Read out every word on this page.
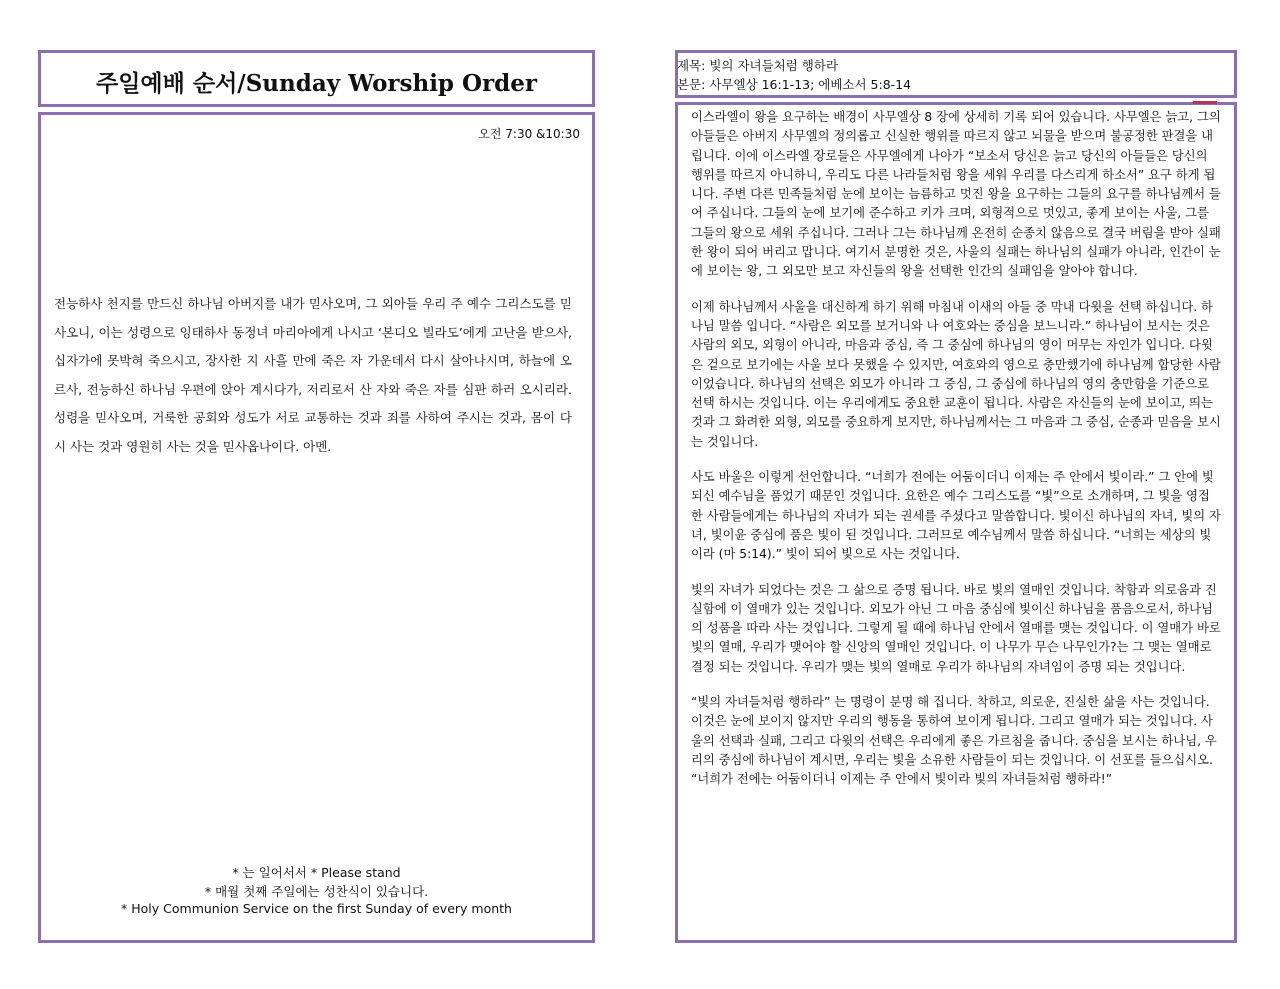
주일예배 순서/Sunday Worship Order
오전 7:30 &10:30
전능하사 천지를 만드신 하나님 아버지를 내가 믿사오며, 그 외아들 우리 주 예수 그리스도를 믿사오니, 이는 성령으로 잉태하사 동정녀 마리아에게 나시고 ‘본디오 빌라도’에게 고난을 받으사, 십자가에 못박혀 죽으시고, 장사한 지 사흘 만에 죽은 자 가운데서 다시 살아나시며, 하늘에 오르사, 전능하신 하나님 우편에 앉아 계시다가, 저리로서 산 자와 죽은 자를 심판 하러 오시리라. 성령을 믿사오며, 거룩한 공회와 성도가 서로 교통하는 것과 죄를 사하여 주시는 것과, 몸이 다시 사는 것과 영원히 사는 것을 믿사옵나이다. 아멘.
* 는 일어서서 * Please stand
* 매월 첫째 주일에는 성찬식이 있습니다.
* Holy Communion Service on the first Sunday of every month
제목: 빛의 자녀들처럼 행하라
본문: 사무엘상 16:1-13; 에베소서 5:8-14

이스라엘이 왕을 요구하는 배경이 사무엘상 8 장에 상세히 기록 되어 있습니다. 사무엘은 늙고, 그의 아들들은 아버지 사무엘의 정의롭고 신실한 행위를 따르지 않고 뇌물을 받으며 불공정한 판결을 내립니다. 이에 이스라엘 장로들은 사무엘에게 나아가 “보소서 당신은 늙고 당신의 아들들은 당신의 행위를 따르지 아니하니, 우리도 다른 나라들처럼 왕을 세워 우리를 다스리게 하소서” 요구 하게 됩니다. 주변 다른 민족들처럼 눈에 보이는 늠름하고 멋진 왕을 요구하는 그들의 요구를 하나님께서 들어 주십니다. 그들의 눈에 보기에 준수하고 키가 크며, 외형적으로 멋있고, 좋게 보이는 사울, 그를 그들의 왕으로 세워 주십니다. 그러나 그는 하나님께 온전히 순종치 않음으로 결국 버림을 받아 실패한 왕이 되어 버리고 맙니다. 여기서 분명한 것은, 사울의 실패는 하나님의 실패가 아니라, 인간이 눈에 보이는 왕, 그 외모만 보고 자신들의 왕을 선택한 인간의 실패임을 알아야 합니다.

이제 하나님께서 사울을 대신하게 하기 위해 마침내 이새의 아들 중 막내 다윗을 선택 하십니다. 하나님 말씀 입니다. “사람은 외모를 보거니와 나 여호와는 중심을 보느니라.” 하나님이 보시는 것은 사람의 외모, 외형이 아니라, 마음과 중심, 즉 그 중심에 하나님의 영이 머무는 자인가 입니다. 다윗은 겉으로 보기에는 사울 보다 못했을 수 있지만, 여호와의 영으로 충만했기에 하나님께 합당한 사람이었습니다. 하나님의 선택은 외모가 아니라 그 중심, 그 중심에 하나님의 영의 충만함을 기준으로 선택 하시는 것입니다. 이는 우리에게도 중요한 교훈이 됩니다. 사람은 자신들의 눈에 보이고, 띄는 것과 그 화려한 외형, 외모를 중요하게 보지만, 하나님께서는 그 마음과 그 중심, 순종과 믿음을 보시는 것입니다.

사도 바울은 이렇게 선언합니다. “너희가 전에는 어둠이더니 이제는 주 안에서 빛이라.” 그 안에 빛되신 예수님을 품었기 때문인 것입니다. 요한은 예수 그리스도를 “빛”으로 소개하며, 그 빛을 영접한 사람들에게는 하나님의 자녀가 되는 권세를 주셨다고 말씀합니다. 빛이신 하나님의 자녀, 빛의 자녀, 빛이윤 중심에 품은 빛이 된 것입니다. 그러므로 예수님께서 말씀 하십니다. “너희는 세상의 빛이라 (마 5:14).” 빛이 되어 빛으로 사는 것입니다.

빛의 자녀가 되었다는 것은 그 삶으로 증명 됩니다. 바로 빛의 열매인 것입니다. 착함과 의로움과 진실함에 이 열매가 있는 것입니다. 외모가 아닌 그 마음 중심에 빛이신 하나님을 품음으로서, 하나님의 성품을 따라 사는 것입니다. 그렇게 될 때에 하나님 안에서 열매를 맺는 것입니다. 이 열매가 바로 빛의 열매, 우리가 맺어야 할 신앙의 열매인 것입니다. 이 나무가 무슨 나무인가?는 그 맺는 열매로 결정 되는 것입니다. 우리가 맺는 빛의 열매로 우리가 하나님의 자녀임이 증명 되는 것입니다.

“빛의 자녀들처럼 행하라” 는 명령이 분명 해 집니다. 착하고, 의로운, 진실한 삶을 사는 것입니다. 이것은 눈에 보이지 않지만 우리의 행동을 통하여 보이게 됩니다. 그리고 열매가 되는 것입니다. 사울의 선택과 실패, 그리고 다윗의 선택은 우리에게 좋은 가르침을 줍니다. 중심을 보시는 하나님, 우리의 중심에 하나님이 계시면, 우리는 빛을 소유한 사람들이 되는 것입니다. 이 선포를 들으십시오. “너희가 전에는 어둠이더니 이제는 주 안에서 빛이라 빛의 자녀들처럼 행하라!”
